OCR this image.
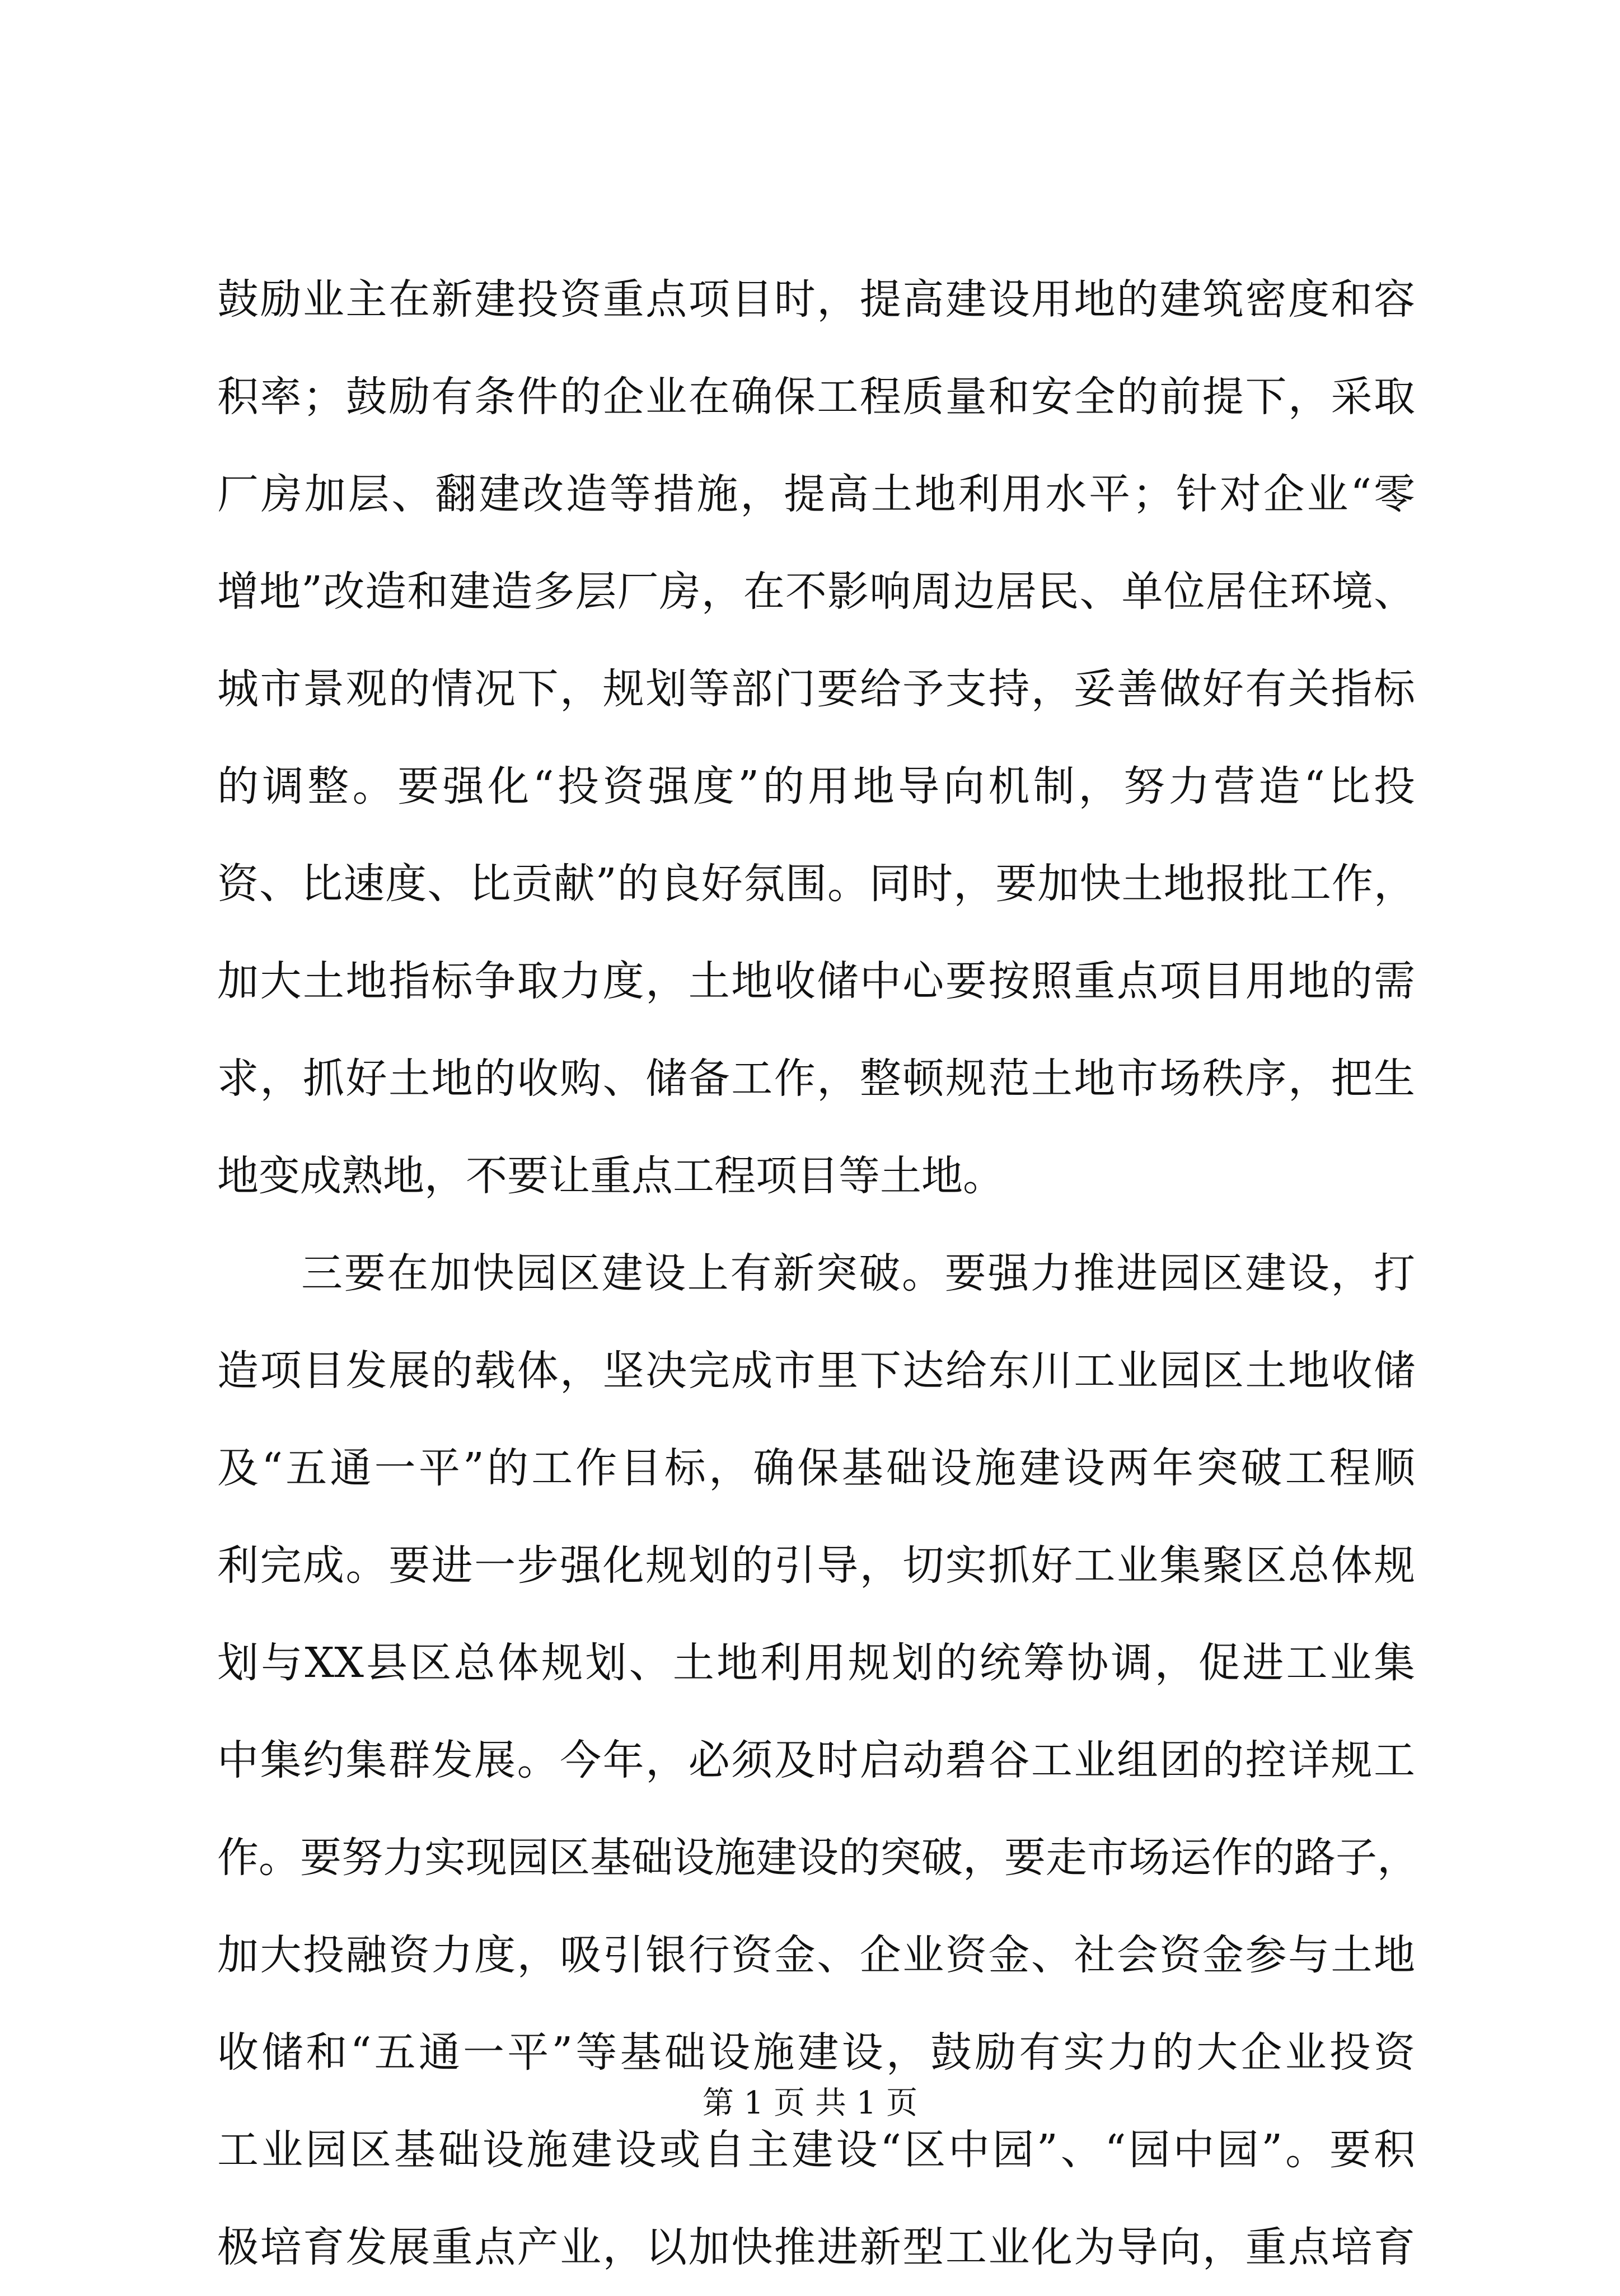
鼓励业主在新建投资重点项目时，提高建设用地的建筑密度和容
积率；鼓励有条件的企业在确保工程质量和安全的前提下，采取
厂房加层、翻建改造等措施，提高土地利用水平；针对企业“零
增地”改造和建造多层厂房，在不影响周边居民、单位居住环境、
城市景观的情况下，规划等部门要给予支持，妥善做好有关指标
的调整。要强化“投资强度”的用地导向机制，努力营造“比投
资、比速度、比贡献”的良好氛围。同时，要加快土地报批工作，
加大土地指标争取力度，土地收储中心要按照重点项目用地的需
求，抓好土地的收购、储备工作，整顿规范土地市场秩序，把生
地变成熟地，不要让重点工程项目等土地。
三要在加快园区建设上有新突破。要强力推进园区建设，打
造项目发展的载体，坚决完成市里下达给东川工业园区土地收储
及“五通一平”的工作目标，确保基础设施建设两年突破工程顺
利完成。要进一步强化规划的引导，切实抓好工业集聚区总体规
划与XX县区总体规划、土地利用规划的统筹协调，促进工业集
中集约集群发展。今年，必须及时启动碧谷工业组团的控详规工
作。要努力实现园区基础设施建设的突破，要走市场运作的路子，
加大投融资力度，吸引银行资金、企业资金、社会资金参与土地
收储和“五通一平”等基础设施建设，鼓励有实力的大企业投资
工业园区基础设施建设或自主建设“区中园”、“园中园”。要积
极培育发展重点产业，以加快推进新型工业化为导向，重点培育
第 1 页 共 1 页
